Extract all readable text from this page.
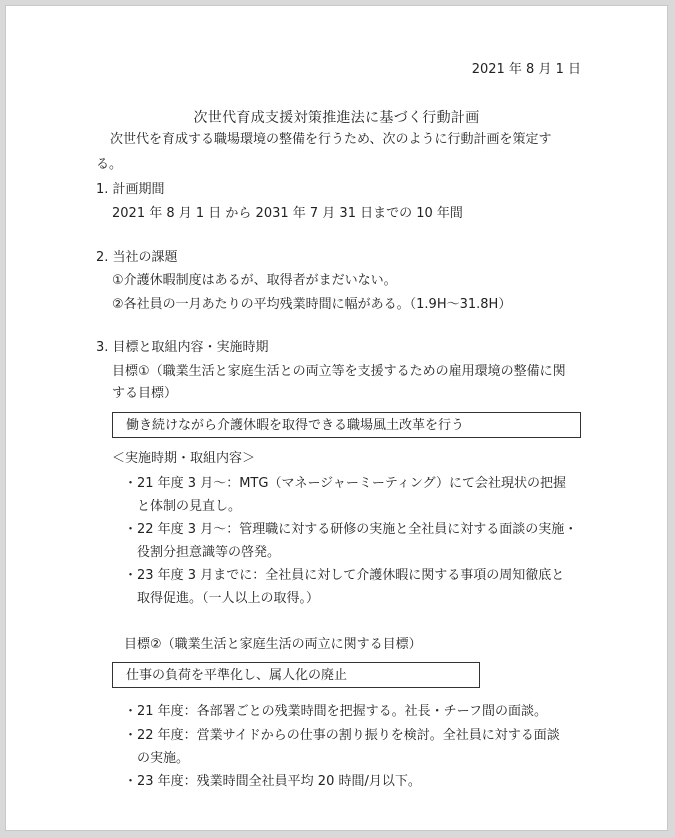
2021 年 8 月 1 日
次世代育成支援対策推進法に基づく行動計画
次世代を育成する職場環境の整備を行うため、次のように行動計画を策定す
る。
1. 計画期間
2021 年 8 月 1 日 から 2031 年 7 月 31 日までの 10 年間
2. 当社の課題
①介護休暇制度はあるが、取得者がまだいない。
②各社員の一月あたりの平均残業時間に幅がある。（1.9H〜31.8H）
3. 目標と取組内容・実施時期
目標①（職業生活と家庭生活との両立等を支援するための雇用環境の整備に関
する目標）
働き続けながら介護休暇を取得できる職場風土改革を行う
＜実施時期・取組内容＞
・21 年度 3 月〜：MTG（マネージャーミーティング）にて会社現状の把握
と体制の見直し。
・22 年度 3 月〜：管理職に対する研修の実施と全社員に対する面談の実施・
役割分担意識等の啓発。
・23 年度 3 月までに：全社員に対して介護休暇に関する事項の周知徹底と
取得促進。（一人以上の取得。）
目標②（職業生活と家庭生活の両立に関する目標）
仕事の負荷を平準化し、属人化の廃止
・21 年度：各部署ごとの残業時間を把握する。社長・チーフ間の面談。
・22 年度：営業サイドからの仕事の割り振りを検討。全社員に対する面談
の実施。
・23 年度：残業時間全社員平均 20 時間/月以下。
